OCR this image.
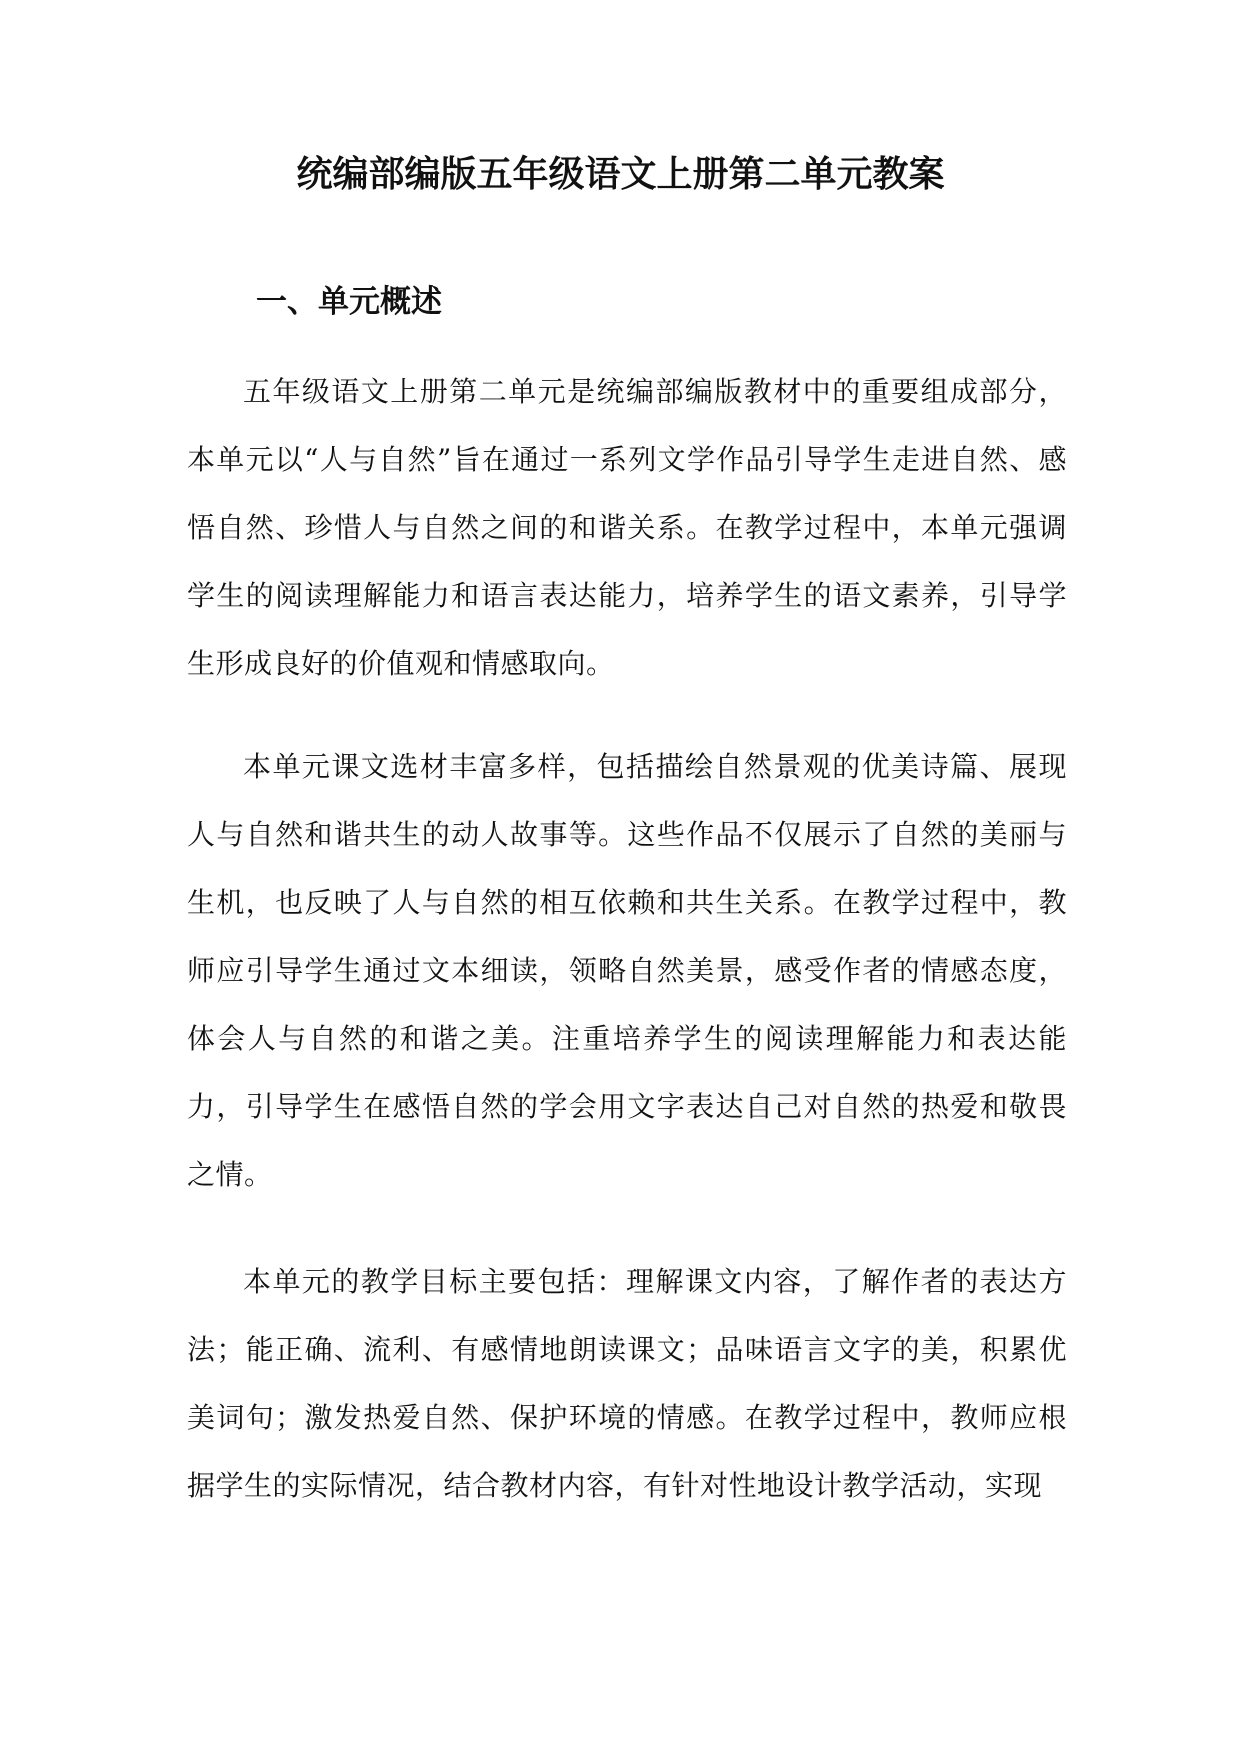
统编部编版五年级语文上册第二单元教案
一、单元概述

五年级语文上册第二单元是统编部编版教材中的重要组成部分，本单元以“人与自然”旨在通过一系列文学作品引导学生走进自然、感悟自然、珍惜人与自然之间的和谐关系。在教学过程中，本单元强调学生的阅读理解能力和语言表达能力，培养学生的语文素养，引导学生形成良好的价值观和情感取向。

本单元课文选材丰富多样，包括描绘自然景观的优美诗篇、展现人与自然和谐共生的动人故事等。这些作品不仅展示了自然的美丽与生机，也反映了人与自然的相互依赖和共生关系。在教学过程中，教师应引导学生通过文本细读，领略自然美景，感受作者的情感态度，体会人与自然的和谐之美。注重培养学生的阅读理解能力和表达能力，引导学生在感悟自然的学会用文字表达自己对自然的热爱和敬畏之情。

本单元的教学目标主要包括：理解课文内容，了解作者的表达方法；能正确、流利、有感情地朗读课文；品味语言文字的美，积累优美词句；激发热爱自然、保护环境的情感。在教学过程中，教师应根据学生的实际情况，结合教材内容，有针对性地设计教学活动，实现
